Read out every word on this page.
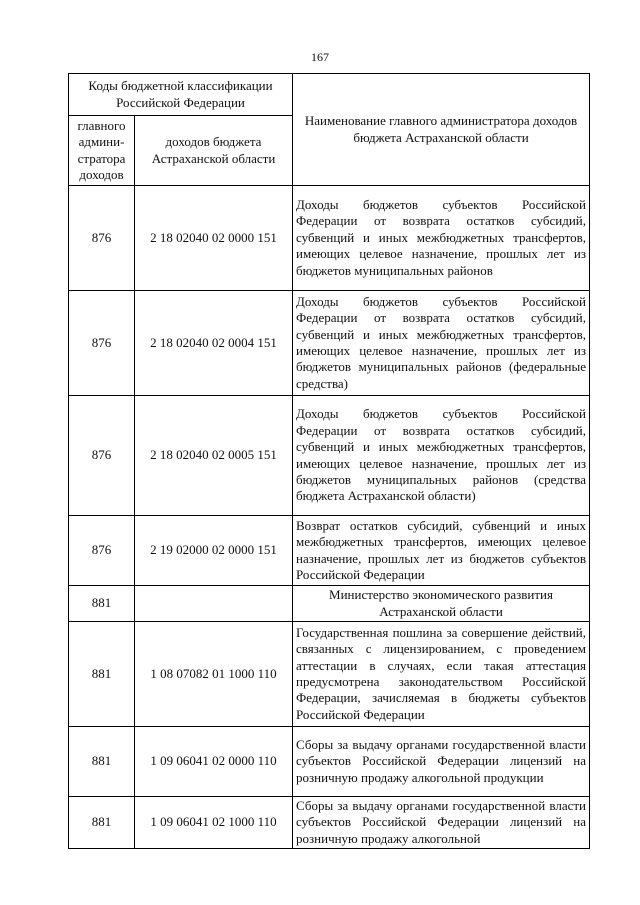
167
Коды бюджетной классификации Российской Федерации		Наименование главного администратора доходов бюджета Астраханской области
главного админи-стратора доходов	доходов бюджета Астраханской области	
876	2 18 02040 02 0000 151	Доходы бюджетов субъектов Российской Федерации от возврата остатков субсидий, субвенций и иных межбюджетных трансфертов, имеющих целевое назначение, прошлых лет из бюджетов муниципальных районов
876	2 18 02040 02 0004 151	Доходы бюджетов субъектов Российской Федерации от возврата остатков субсидий, субвенций и иных межбюджетных трансфертов, имеющих целевое назначение, прошлых лет из бюджетов муниципальных районов (федеральные средства)
876	2 18 02040 02 0005 151	Доходы бюджетов субъектов Российской Федерации от возврата остатков субсидий, субвенций и иных межбюджетных трансфертов, имеющих целевое назначение, прошлых лет из бюджетов муниципальных районов (средства бюджета Астраханской области)
876	2 19 02000 02 0000 151	Возврат остатков субсидий, субвенций и иных межбюджетных трансфертов, имеющих целевое назначение, прошлых лет из бюджетов субъектов Российской Федерации
881		Министерство экономического развития Астраханской области
881	1 08 07082 01 1000 110	Государственная пошлина за совершение действий, связанных с лицензированием, с проведением аттестации в случаях, если такая аттестация предусмотрена законодательством Российской Федерации, зачисляемая в бюджеты субъектов Российской Федерации
881	1 09 06041 02 0000 110	Сборы за выдачу органами государственной власти субъектов Российской Федерации лицензий на розничную продажу алкогольной продукции
881	1 09 06041 02 1000 110	Сборы за выдачу органами государственной власти субъектов Российской Федерации лицензий на розничную продажу алкогольной
